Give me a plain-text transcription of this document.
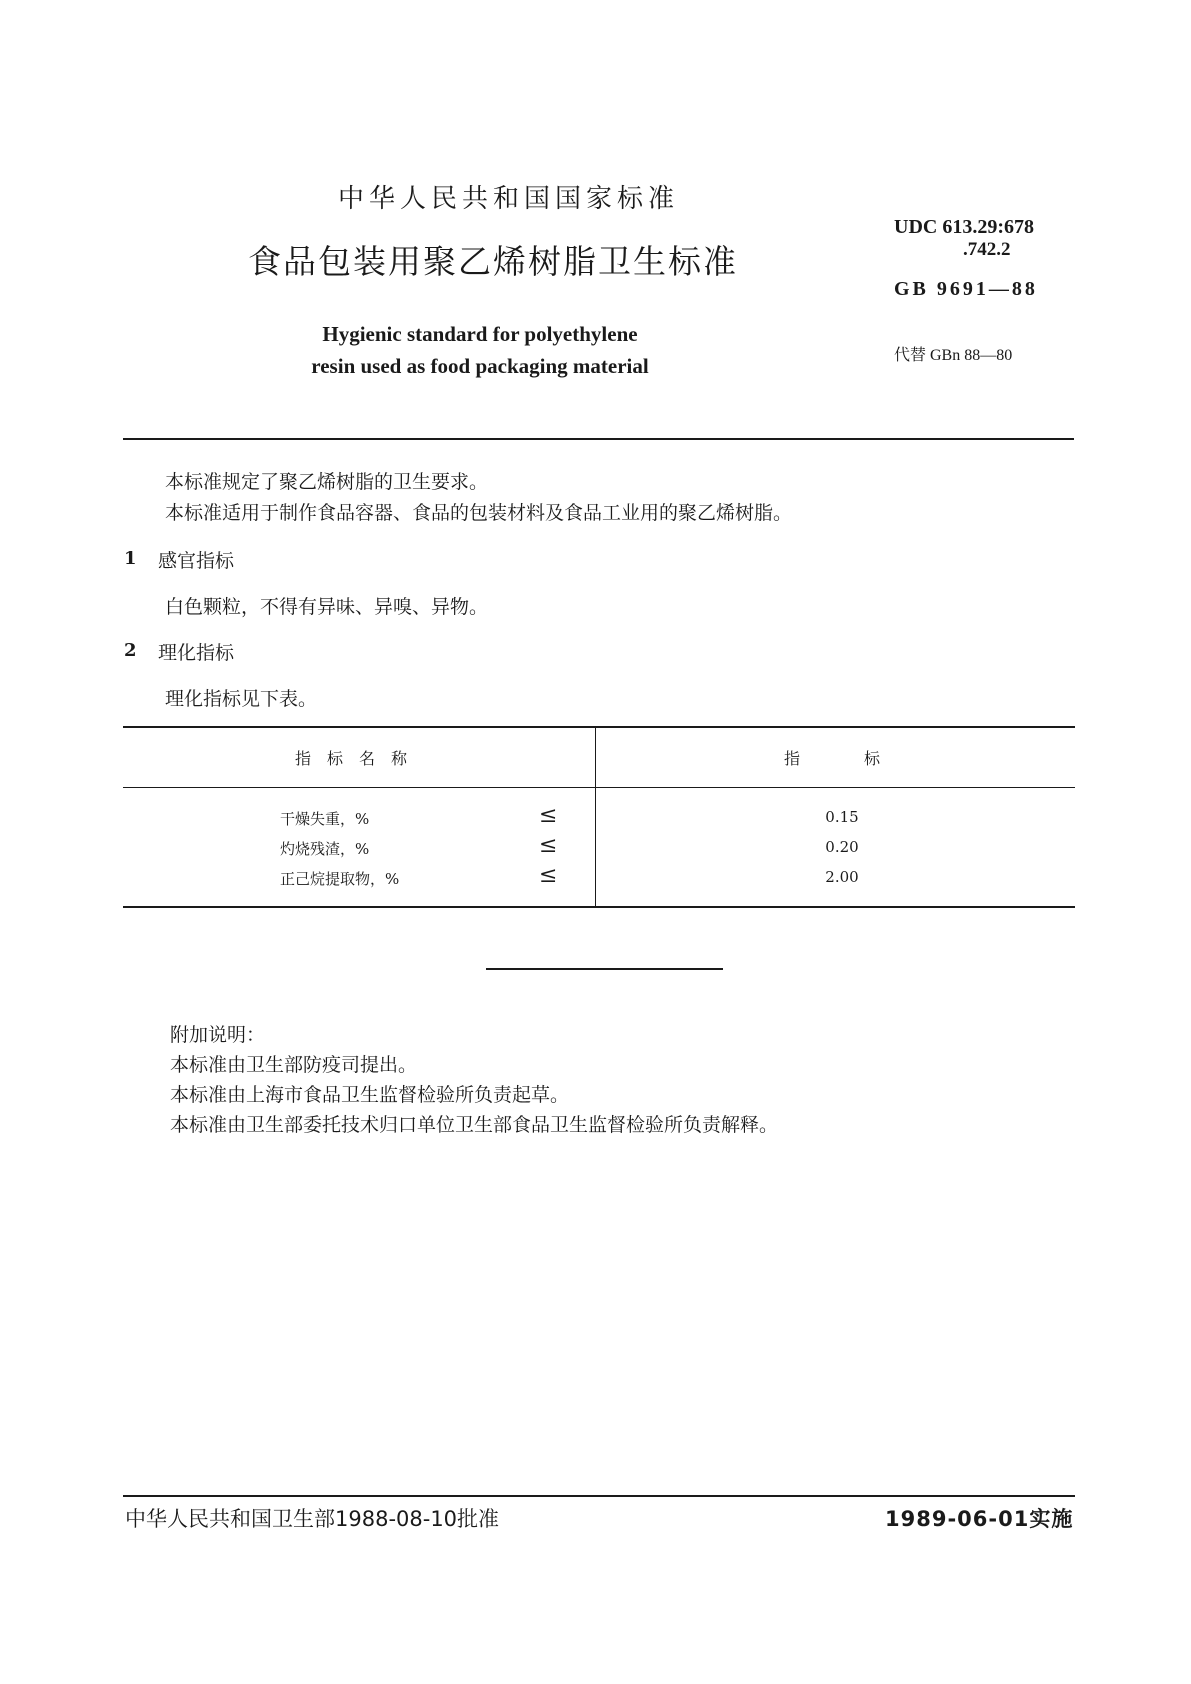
中华人民共和国国家标准
食品包装用聚乙烯树脂卫生标准
Hygienic standard for polyethylene
resin used as food packaging material
UDC 613.29:678
.742.2
GB 9691—88
代替 GBn 88—80
本标准规定了聚乙烯树脂的卫生要求。
本标准适用于制作食品容器、食品的包装材料及食品工业用的聚乙烯树脂。
1 感官指标
白色颗粒，不得有异味、异嗅、异物。
2 理化指标
理化指标见下表。
指　标　名　称	指　　　　标
干燥失重，%	≤	0.15
灼烧残渣，%	≤	0.20
正己烷提取物，%	≤	2.00
附加说明：
本标准由卫生部防疫司提出。
本标准由上海市食品卫生监督检验所负责起草。
本标准由卫生部委托技术归口单位卫生部食品卫生监督检验所负责解释。
中华人民共和国卫生部1988-08-10批准	1989-06-01实施
